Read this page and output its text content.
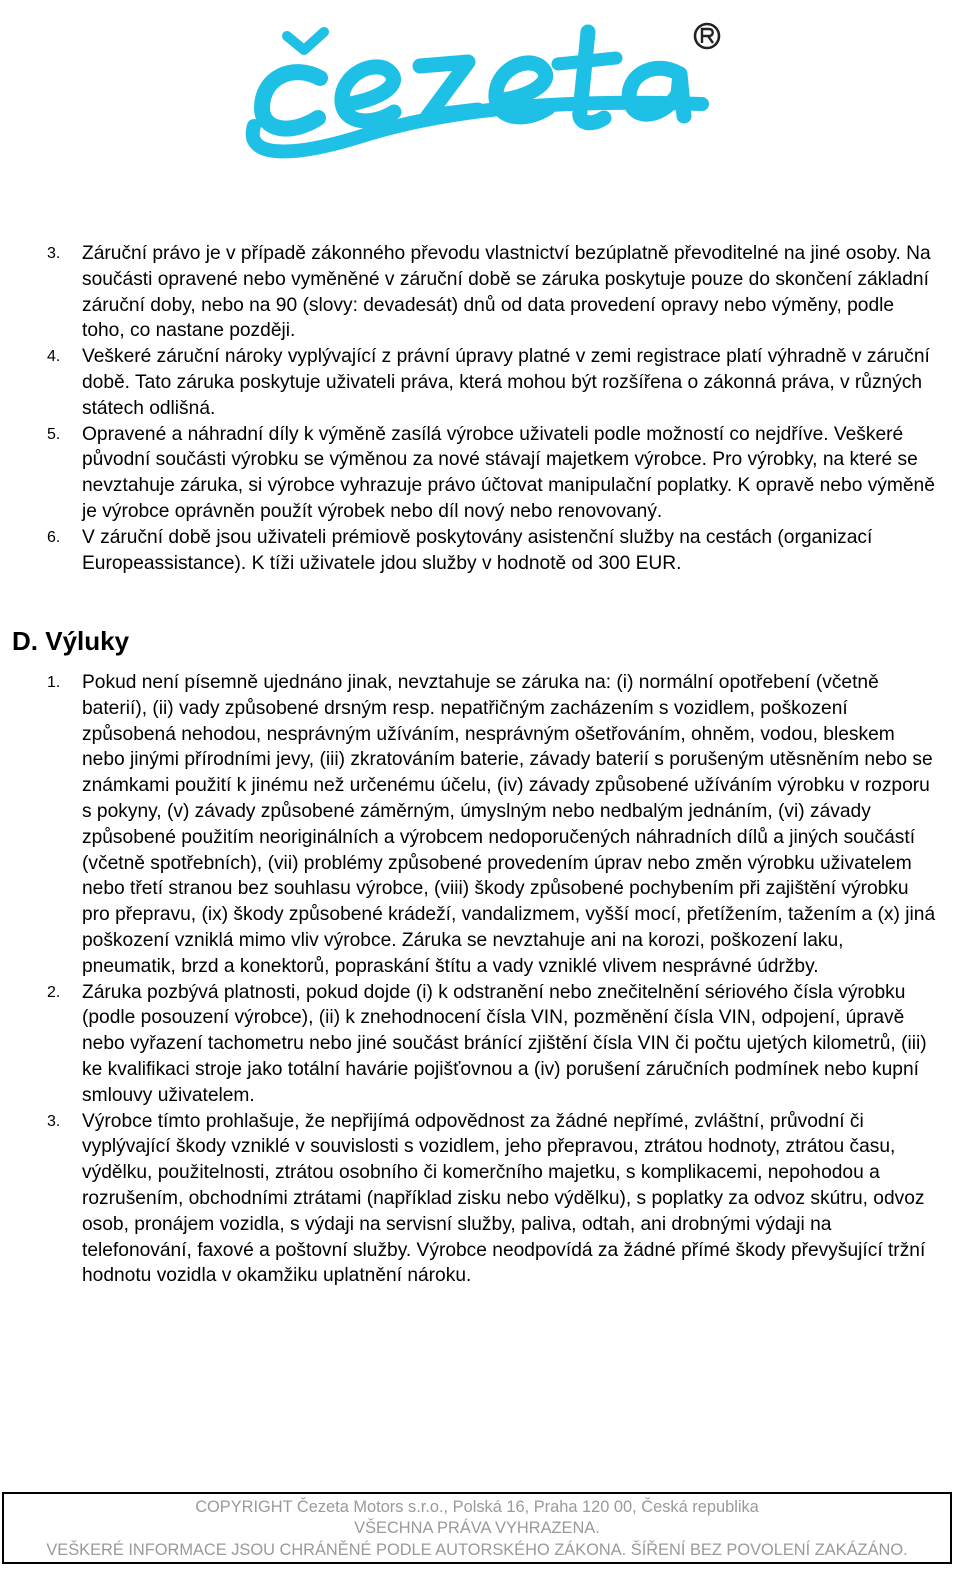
3. Záruční právo je v případě zákonného převodu vlastnictví bezúplatně převoditelné na jiné osoby. Na součásti opravené nebo vyměněné v záruční době se záruka poskytuje pouze do skončení základní záruční doby, nebo na 90 (slovy: devadesát) dnů od data provedení opravy nebo výměny, podle toho, co nastane později.
4. Veškeré záruční nároky vyplývající z právní úpravy platné v zemi registrace platí výhradně v záruční době. Tato záruka poskytuje uživateli práva, která mohou být rozšířena o zákonná práva, v různých státech odlišná.
5. Opravené a náhradní díly k výměně zasílá výrobce uživateli podle možností co nejdříve. Veškeré původní součásti výrobku se výměnou za nové stávají majetkem výrobce. Pro výrobky, na které se nevztahuje záruka, si výrobce vyhrazuje právo účtovat manipulační poplatky. K opravě nebo výměně je výrobce oprávněn použít výrobek nebo díl nový nebo renovovaný.
6. V záruční době jsou uživateli prémiově poskytovány asistenční služby na cestách (organizací Europeassistance). K tíži uživatele jdou služby v hodnotě od 300 EUR.
D. Výluky
1. Pokud není písemně ujednáno jinak, nevztahuje se záruka na: (i) normální opotřebení (včetně baterií), (ii) vady způsobené drsným resp. nepatřičným zacházením s vozidlem, poškození způsobená nehodou, nesprávným užíváním, nesprávným ošetřováním, ohněm, vodou, bleskem nebo jinými přírodními jevy, (iii) zkratováním baterie, závady baterií s porušeným utěsněním nebo se známkami použití k jinému než určenému účelu, (iv) závady způsobené užíváním výrobku v rozporu s pokyny, (v) závady způsobené záměrným, úmyslným nebo nedbalým jednáním, (vi) závady způsobené použitím neoriginálních a výrobcem nedoporučených náhradních dílů a jiných součástí (včetně spotřebních), (vii) problémy způsobené provedením úprav nebo změn výrobku uživatelem nebo třetí stranou bez souhlasu výrobce, (viii) škody způsobené pochybením při zajištění výrobku pro přepravu, (ix) škody způsobené krádeží, vandalizmem, vyšší mocí, přetížením, tažením a (x) jiná poškození vzniklá mimo vliv výrobce. Záruka se nevztahuje ani na korozi, poškození laku, pneumatik, brzd a konektorů, popraskání štítu a vady vzniklé vlivem nesprávné údržby.
2. Záruka pozbývá platnosti, pokud dojde (i) k odstranění nebo znečitelnění sériového čísla výrobku (podle posouzení výrobce), (ii) k znehodnocení čísla VIN, pozměnění čísla VIN, odpojení, úpravě nebo vyřazení tachometru nebo jiné součást bránící zjištění čísla VIN či počtu ujetých kilometrů, (iii) ke kvalifikaci stroje jako totální havárie pojišťovnou a (iv) porušení záručních podmínek nebo kupní smlouvy uživatelem.
3. Výrobce tímto prohlašuje, že nepřijímá odpovědnost za žádné nepřímé, zvláštní, průvodní či vyplývající škody vzniklé v souvislosti s vozidlem, jeho přepravou, ztrátou hodnoty, ztrátou času, výdělku, použitelnosti, ztrátou osobního či komerčního majetku, s komplikacemi, nepohodou a rozrušením, obchodními ztrátami (například zisku nebo výdělku), s poplatky za odvoz skútru, odvoz osob, pronájem vozidla, s výdaji na servisní služby, paliva, odtah, ani drobnými výdaji na telefonování, faxové a poštovní služby. Výrobce neodpovídá za žádné přímé škody převyšující tržní hodnotu vozidla v okamžiku uplatnění nároku.
COPYRIGHT Čezeta Motors s.r.o., Polská 16, Praha 120 00, Česká republika
VŠECHNA PRÁVA VYHRAZENA.
VEŠKERÉ INFORMACE JSOU CHRÁNĚNÉ PODLE AUTORSKÉHO ZÁKONA. ŠÍŘENÍ BEZ POVOLENÍ ZAKÁZÁNO.
